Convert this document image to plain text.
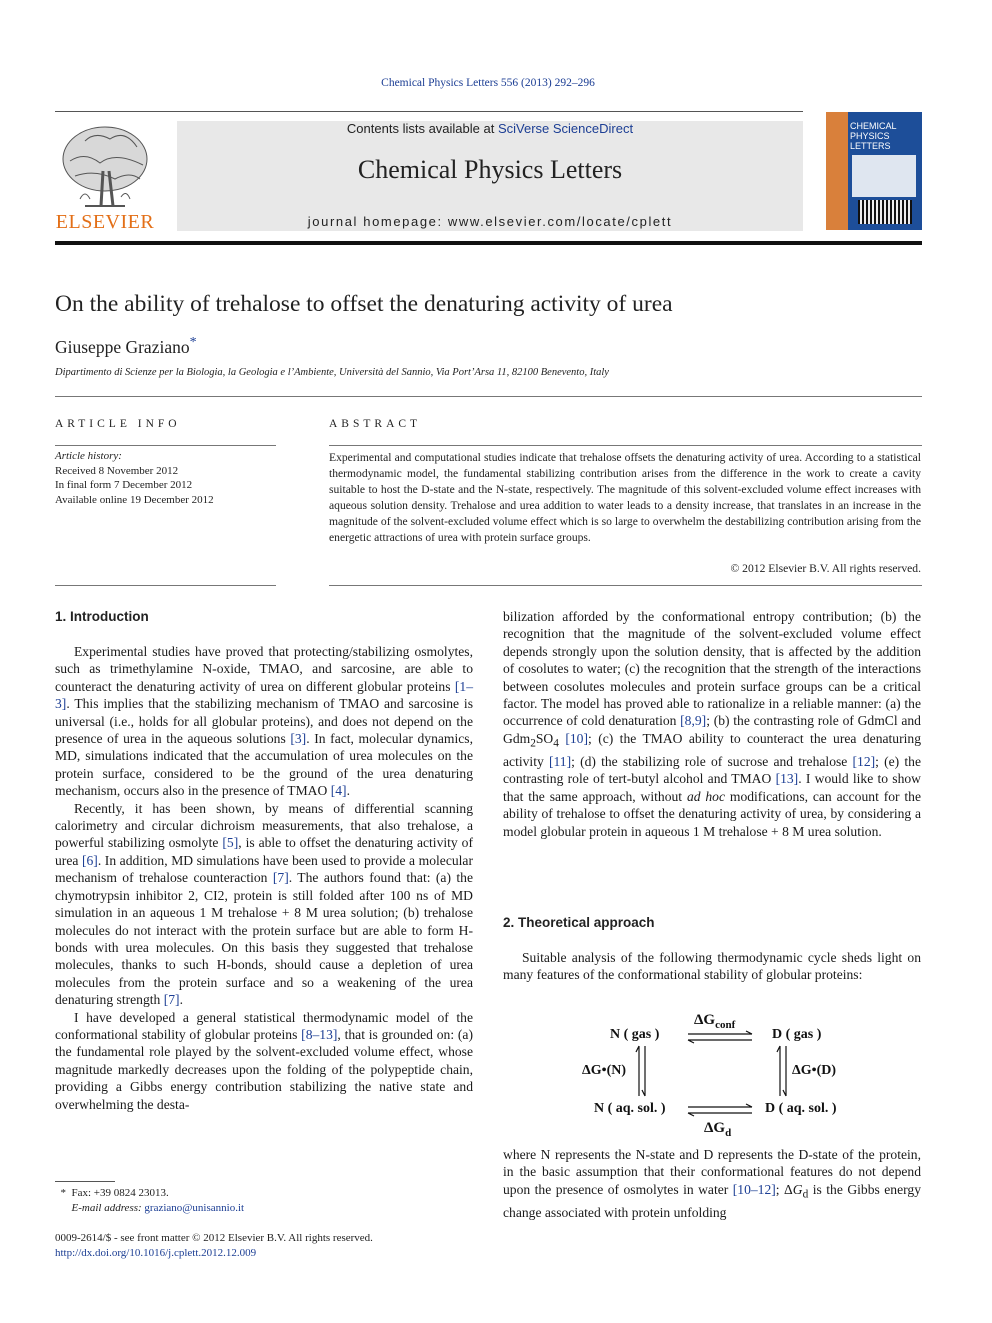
Chemical Physics Letters 556 (2013) 292–296
ELSEVIER
Contents lists available at SciVerse ScienceDirect
Chemical Physics Letters
journal homepage: www.elsevier.com/locate/cplett
CHEMICAL
PHYSICS
LETTERS
On the ability of trehalose to offset the denaturing activity of urea
Giuseppe Graziano*
Dipartimento di Scienze per la Biologia, la Geologia e l’Ambiente, Università del Sannio, Via Port’Arsa 11, 82100 Benevento, Italy
ARTICLE INFO	ABSTRACT
Article history:
Received 8 November 2012
In final form 7 December 2012
Available online 19 December 2012
Experimental and computational studies indicate that trehalose offsets the denaturing activity of urea. According to a statistical thermodynamic model, the fundamental stabilizing contribution arises from the difference in the work to create a cavity suitable to host the D-state and the N-state, respectively. The magnitude of this solvent-excluded volume effect increases with aqueous solution density. Trehalose and urea addition to water leads to a density increase, that translates in an increase in the magnitude of the solvent-excluded volume effect which is so large to overwhelm the destabilizing contribution arising from the energetic attractions of urea with protein surface groups.
© 2012 Elsevier B.V. All rights reserved.
1. Introduction

Experimental studies have proved that protecting/stabilizing osmolytes, such as trimethylamine N-oxide, TMAO, and sarcosine, are able to counteract the denaturing activity of urea on different globular proteins [1–3]. This implies that the stabilizing mechanism of TMAO and sarcosine is universal (i.e., holds for all globular proteins), and does not depend on the presence of urea in the aqueous solutions [3]. In fact, molecular dynamics, MD, simulations indicated that the accumulation of urea molecules on the protein surface, considered to be the ground of the urea denaturing mechanism, occurs also in the presence of TMAO [4].

Recently, it has been shown, by means of differential scanning calorimetry and circular dichroism measurements, that also trehalose, a powerful stabilizing osmolyte [5], is able to offset the denaturing activity of urea [6]. In addition, MD simulations have been used to provide a molecular mechanism of trehalose counteraction [7]. The authors found that: (a) the chymotrypsin inhibitor 2, CI2, protein is still folded after 100 ns of MD simulation in an aqueous 1 M trehalose + 8 M urea solution; (b) trehalose molecules do not interact with the protein surface but are able to form H-bonds with urea molecules. On this basis they suggested that trehalose molecules, thanks to such H-bonds, should cause a depletion of urea molecules from the protein surface and so a weakening of the urea denaturing strength [7].

I have developed a general statistical thermodynamic model of the conformational stability of globular proteins [8–13], that is grounded on: (a) the fundamental role played by the solvent-excluded volume effect, whose magnitude markedly decreases upon the folding of the polypeptide chain, providing a Gibbs energy contribution stabilizing the native state and overwhelming the desta-

bilization afforded by the conformational entropy contribution; (b) the recognition that the magnitude of the solvent-excluded volume effect depends strongly upon the solution density, that is affected by the addition of cosolutes to water; (c) the recognition that the strength of the interactions between cosolutes molecules and protein surface groups can be a critical factor. The model has proved able to rationalize in a reliable manner: (a) the occurrence of cold denaturation [8,9]; (b) the contrasting role of GdmCl and $Gdm_2SO_4$ [10]; (c) the TMAO ability to counteract the urea denaturing activity [11]; (d) the stabilizing role of sucrose and trehalose [12]; (e) the contrasting role of tert-butyl alcohol and TMAO [13]. I would like to show that the same approach, without ad hoc modifications, can account for the ability of trehalose to offset the denaturing activity of urea, by considering a model globular protein in aqueous 1 M trehalose + 8 M urea solution.

2. Theoretical approach

Suitable analysis of the following thermodynamic cycle sheds light on many features of the conformational stability of globular proteins:

N ( gas )	D ( gas )
N ( aq. sol. )	D ( aq. sol. )
$\Delta G_{conf}$
$\Delta G_d$
ΔG•(N)	ΔG•(D)

where N represents the N-state and D represents the D-state of the protein, in the basic assumption that their conformational features do not depend upon the presence of osmolytes in water [10–12]; $\Delta G_d$ is the Gibbs energy change associated with protein unfolding

* Fax: +39 0824 23013.
E-mail address: graziano@unisannio.it
0009-2614/$ - see front matter © 2012 Elsevier B.V. All rights reserved.
http://dx.doi.org/10.1016/j.cplett.2012.12.009
